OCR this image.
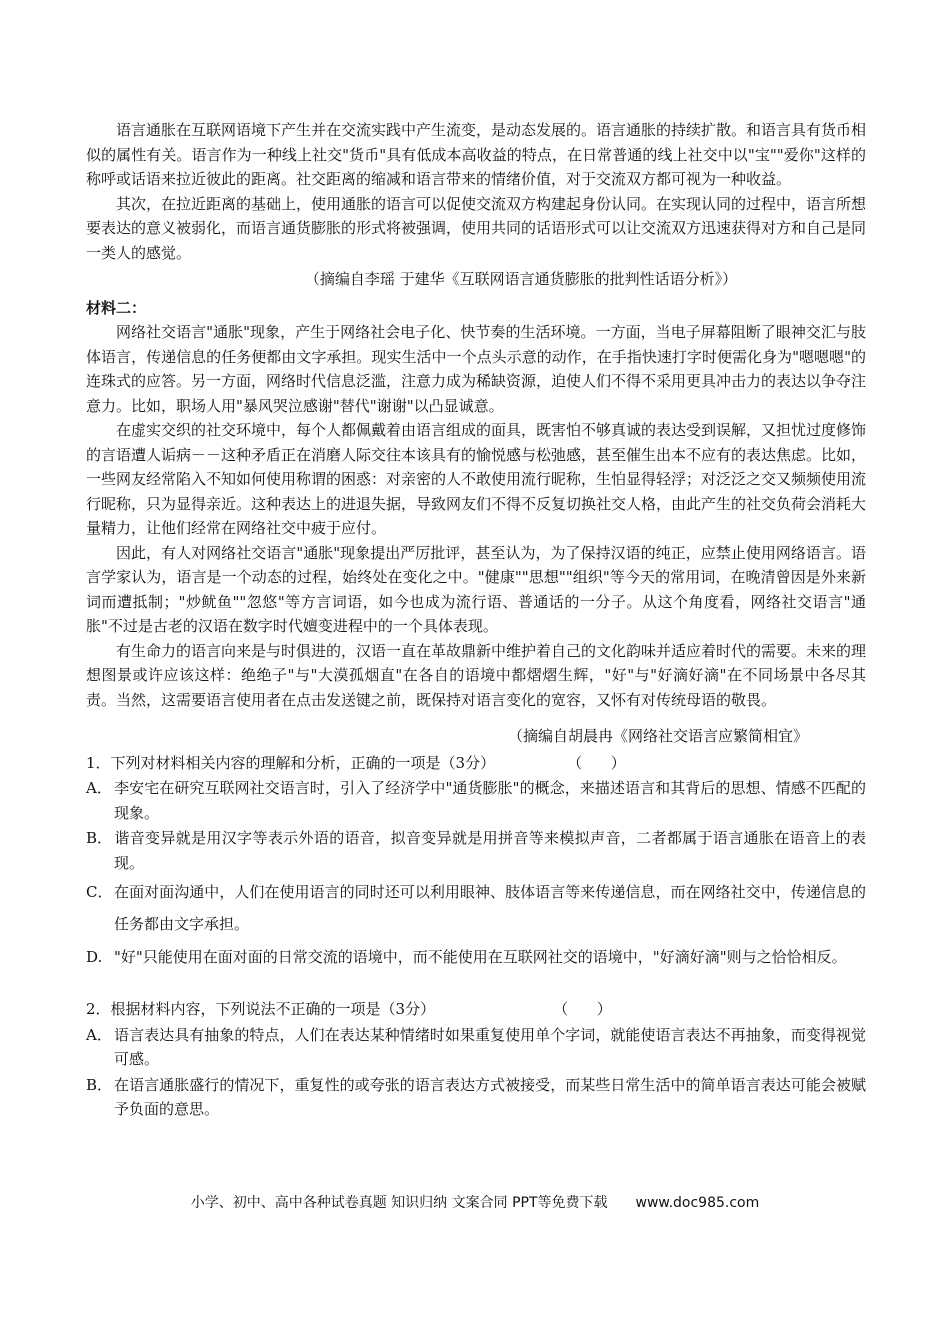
语言通胀在互联网语境下产生并在交流实践中产生流变，是动态发展的。语言通胀的持续扩散。和语言具有货币相似的属性有关。语言作为一种线上社交"货币"具有低成本高收益的特点，在日常普通的线上社交中以"宝""爱你"这样的称呼或话语来拉近彼此的距离。社交距离的缩减和语言带来的情绪价值，对于交流双方都可视为一种收益。

其次，在拉近距离的基础上，使用通胀的语言可以促使交流双方构建起身份认同。在实现认同的过程中，语言所想要表达的意义被弱化，而语言通货膨胀的形式将被强调，使用共同的话语形式可以让交流双方迅速获得对方和自己是同一类人的感觉。

（摘编自李瑶 于建华《互联网语言通货膨胀的批判性话语分析》）

材料二：

网络社交语言"通胀"现象，产生于网络社会电子化、快节奏的生活环境。一方面，当电子屏幕阻断了眼神交汇与肢体语言，传递信息的任务便都由文字承担。现实生活中一个点头示意的动作，在手指快速打字时便需化身为"嗯嗯嗯"的连珠式的应答。另一方面，网络时代信息泛滥，注意力成为稀缺资源，迫使人们不得不采用更具冲击力的表达以争夺注意力。比如，职场人用"暴风哭泣感谢"替代"谢谢"以凸显诚意。

在虚实交织的社交环境中，每个人都佩戴着由语言组成的面具，既害怕不够真诚的表达受到误解，又担忧过度修饰的言语遭人诟病－－这种矛盾正在消磨人际交往本该具有的愉悦感与松弛感，甚至催生出本不应有的表达焦虑。比如，一些网友经常陷入不知如何使用称谓的困惑：对亲密的人不敢使用流行昵称，生怕显得轻浮；对泛泛之交又频频使用流行昵称，只为显得亲近。这种表达上的进退失据，导致网友们不得不反复切换社交人格，由此产生的社交负荷会消耗大量精力，让他们经常在网络社交中疲于应付。

因此，有人对网络社交语言"通胀"现象提出严厉批评，甚至认为，为了保持汉语的纯正，应禁止使用网络语言。语言学家认为，语言是一个动态的过程，始终处在变化之中。"健康""思想""组织"等今天的常用词，在晚清曾因是外来新词而遭抵制；"炒鱿鱼""忽悠"等方言词语，如今也成为流行语、普通话的一分子。从这个角度看，网络社交语言"通胀"不过是古老的汉语在数字时代嬗变进程中的一个具体表现。

有生命力的语言向来是与时俱进的，汉语一直在革故鼎新中维护着自己的文化韵味并适应着时代的需要。未来的理想图景或许应该这样：绝绝子"与"大漠孤烟直"在各自的语境中都熠熠生辉，"好"与"好滴好滴"在不同场景中各尽其责。当然，这需要语言使用者在点击发送键之前，既保持对语言变化的宽容，又怀有对传统母语的敬畏。

（摘编自胡晨冉《网络社交语言应繁简相宜》

1．下列对材料相关内容的理解和分析，正确的一项是（3分）	（      ）

A． 李安宅在研究互联网社交语言时，引入了经济学中"通货膨胀"的概念，来描述语言和其背后的思想、情感不匹配的现象。

B． 谐音变异就是用汉字等表示外语的语音，拟音变异就是用拼音等来模拟声音，二者都属于语言通胀在语音上的表现。

C． 在面对面沟通中，人们在使用语言的同时还可以利用眼神、肢体语言等来传递信息，而在网络社交中，传递信息的任务都由文字承担。

D. "好"只能使用在面对面的日常交流的语境中，而不能使用在互联网社交的语境中，"好滴好滴"则与之恰恰相反。

2．根据材料内容，下列说法不正确的一项是（3分）	（      ）

A． 语言表达具有抽象的特点，人们在表达某种情绪时如果重复使用单个字词，就能使语言表达不再抽象，而变得视觉可感。

B． 在语言通胀盛行的情况下，重复性的或夸张的语言表达方式被接受，而某些日常生活中的简单语言表达可能会被赋予负面的意思。

小学、初中、高中各种试卷真题 知识归纳 文案合同 PPT等免费下载 www.doc985.com
